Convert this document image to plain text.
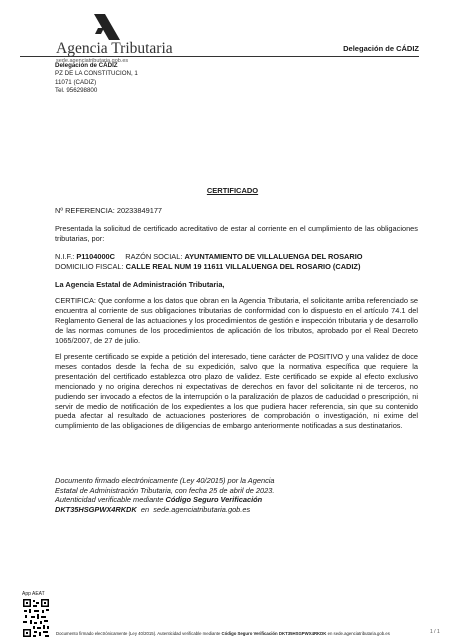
Agencia Tributaria
sede.agenciatributaria.gob.es
Delegación de CÁDIZ
Delegación de CÁDIZ
PZ DE LA CONSTITUCION, 1
11071 (CADIZ)
Tel. 956298800
CERTIFICADO
Nº REFERENCIA: 20233849177
Presentada la solicitud de certificado acreditativo de estar al corriente en el cumplimiento de las obligaciones tributarias, por:
N.I.F.: P1104000C RAZÓN SOCIAL: AYUNTAMIENTO DE VILLALUENGA DEL ROSARIO
DOMICILIO FISCAL: CALLE REAL NUM 19 11611 VILLALUENGA DEL ROSARIO (CADIZ)
La Agencia Estatal de Administración Tributaria,
CERTIFICA: Que conforme a los datos que obran en la Agencia Tributaria, el solicitante arriba referenciado se encuentra al corriente de sus obligaciones tributarias de conformidad con lo dispuesto en el artículo 74.1 del Reglamento General de las actuaciones y los procedimientos de gestión e inspección tributaria y de desarrollo de las normas comunes de los procedimientos de aplicación de los tributos, aprobado por el Real Decreto 1065/2007, de 27 de julio.
El presente certificado se expide a petición del interesado, tiene carácter de POSITIVO y una validez de doce meses contados desde la fecha de su expedición, salvo que la normativa específica que requiere la presentación del certificado establezca otro plazo de validez. Este certificado se expide al efecto exclusivo mencionado y no origina derechos ni expectativas de derechos en favor del solicitante ni de terceros, no pudiendo ser invocado a efectos de la interrupción o la paralización de plazos de caducidad o prescripción, ni servir de medio de notificación de los expedientes a los que pudiera hacer referencia, sin que su contenido pueda afectar al resultado de actuaciones posteriores de comprobación o investigación, ni exime del cumplimiento de las obligaciones de diligencias de embargo anteriormente notificadas a sus destinatarios.
Documento firmado electrónicamente (Ley 40/2015) por la Agencia
Estatal de Administración Tributaria, con fecha 25 de abril de 2023.
Autenticidad verificable mediante Código Seguro Verificación
DKT35HSGPWX4RKDK en sede.agenciatributaria.gob.es
App AEAT
Documento firmado electrónicamente (Ley 40/2015). Autenticidad verificable mediante Código Seguro Verificación DKT35HSGPWX4RKDK en sede.agenciatributaria.gob.es	1 / 1
